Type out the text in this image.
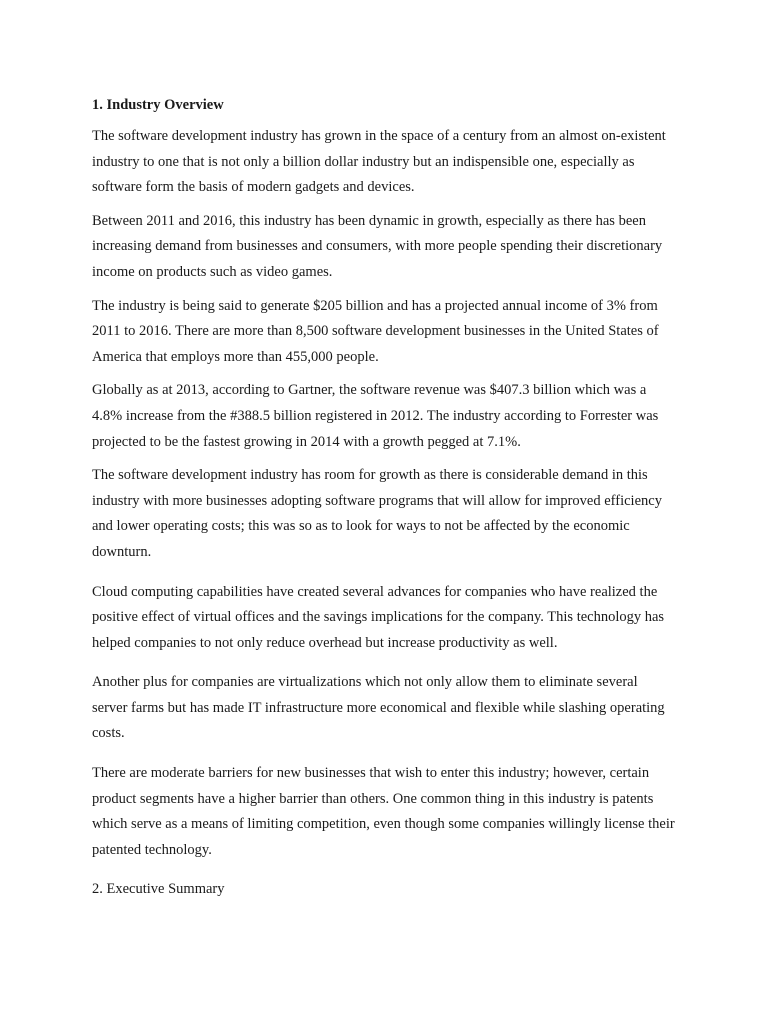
1. Industry Overview

The software development industry has grown in the space of a century from an almost on-existent industry to one that is not only a billion dollar industry but an indispensible one, especially as software form the basis of modern gadgets and devices.

Between 2011 and 2016, this industry has been dynamic in growth, especially as there has been increasing demand from businesses and consumers, with more people spending their discretionary income on products such as video games.

The industry is being said to generate $205 billion and has a projected annual income of 3% from 2011 to 2016. There are more than 8,500 software development businesses in the United States of America that employs more than 455,000 people.

Globally as at 2013, according to Gartner, the software revenue was $407.3 billion which was a 4.8% increase from the #388.5 billion registered in 2012. The industry according to Forrester was projected to be the fastest growing in 2014 with a growth pegged at 7.1%.

The software development industry has room for growth as there is considerable demand in this industry with more businesses adopting software programs that will allow for improved efficiency and lower operating costs; this was so as to look for ways to not be affected by the economic downturn.

Cloud computing capabilities have created several advances for companies who have realized the positive effect of virtual offices and the savings implications for the company. This technology has helped companies to not only reduce overhead but increase productivity as well.

Another plus for companies are virtualizations which not only allow them to eliminate several server farms but has made IT infrastructure more economical and flexible while slashing operating costs.

There are moderate barriers for new businesses that wish to enter this industry; however, certain product segments have a higher barrier than others. One common thing in this industry is patents which serve as a means of limiting competition, even though some companies willingly license their patented technology.

2. Executive Summary
